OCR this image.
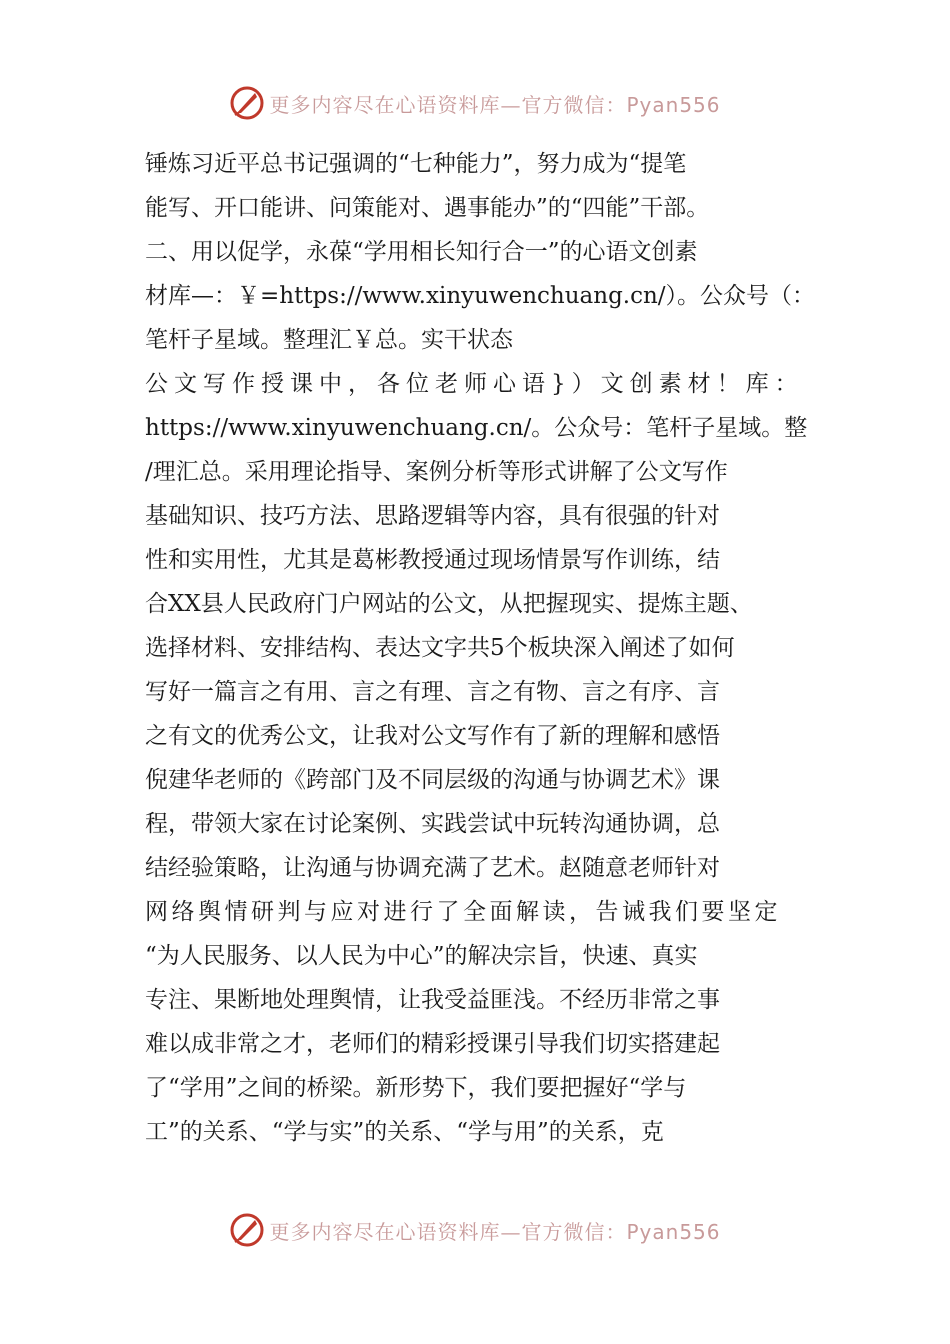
更多内容尽在心语资料库—官方微信：Pyan556
锤炼习近平总书记强调的“七种能力”，努力成为“提笔
能写、开口能讲、问策能对、遇事能办”的“四能”干部。
二、用以促学，永葆“学用相长知行合一”的心语文创素
材库—：￥=https://www.xinyuwenchuang.cn/）。公众号（：
笔杆子星域。整理汇￥总。实干状态
公文写作授课中，各位老师心语}）文创素材！库：
https://www.xinyuwenchuang.cn/。公众号：笔杆子星域。整
/理汇总。采用理论指导、案例分析等形式讲解了公文写作
基础知识、技巧方法、思路逻辑等内容，具有很强的针对
性和实用性，尤其是葛彬教授通过现场情景写作训练，结
合XX县人民政府门户网站的公文，从把握现实、提炼主题、
选择材料、安排结构、表达文字共5个板块深入阐述了如何
写好一篇言之有用、言之有理、言之有物、言之有序、言
之有文的优秀公文，让我对公文写作有了新的理解和感悟
倪建华老师的《跨部门及不同层级的沟通与协调艺术》课
程，带领大家在讨论案例、实践尝试中玩转沟通协调，总
结经验策略，让沟通与协调充满了艺术。赵随意老师针对
网络舆情研判与应对进行了全面解读，告诫我们要坚定
“为人民服务、以人民为中心”的解决宗旨，快速、真实
专注、果断地处理舆情，让我受益匪浅。不经历非常之事
难以成非常之才，老师们的精彩授课引导我们切实搭建起
了“学用”之间的桥梁。新形势下，我们要把握好“学与
工”的关系、“学与实”的关系、“学与用”的关系，克
更多内容尽在心语资料库—官方微信：Pyan556
